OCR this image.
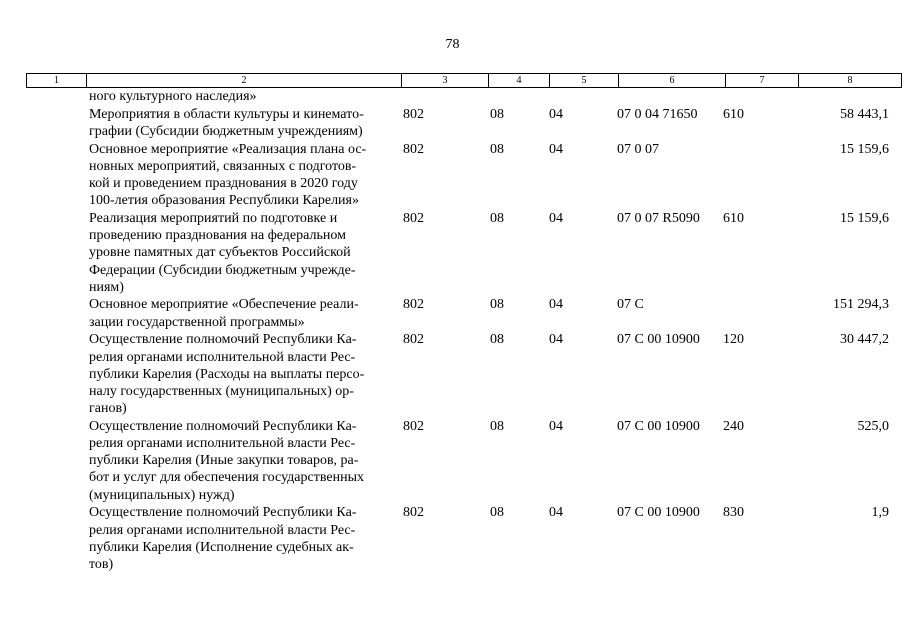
78
1	2	3	4	5	6	7	8

	ного культурного наследия»						

	Мероприятия в области культуры и кинемато-
графии (Субсидии бюджетным учреждениям)	802	08	04	07 0 04 71650	610	58 443,1

	Основное мероприятие «Реализация плана ос-
новных мероприятий, связанных с подготов-
кой и проведением празднования в 2020 году
100-летия образования Республики Карелия»	802	08	04	07 0 07		15 159,6

	Реализация мероприятий по подготовке и
проведению празднования на федеральном
уровне памятных дат субъектов Российской
Федерации (Субсидии бюджетным учрежде-
ниям)	802	08	04	07 0 07 R5090	610	15 159,6

	Основное мероприятие «Обеспечение реали-
зации государственной программы»	802	08	04	07 С		151 294,3

	Осуществление полномочий Республики Ка-
релия органами исполнительной власти Рес-
публики Карелия (Расходы на выплаты персо-
налу государственных (муниципальных) ор-
ганов)	802	08	04	07 С 00 10900	120	30 447,2

	Осуществление полномочий Республики Ка-
релия органами исполнительной власти Рес-
публики Карелия (Иные закупки товаров, ра-
бот и услуг для обеспечения государственных
(муниципальных) нужд)	802	08	04	07 С 00 10900	240	525,0

	Осуществление полномочий Республики Ка-
релия органами исполнительной власти Рес-
публики Карелия (Исполнение судебных ак-
тов)	802	08	04	07 С 00 10900	830	1,9
